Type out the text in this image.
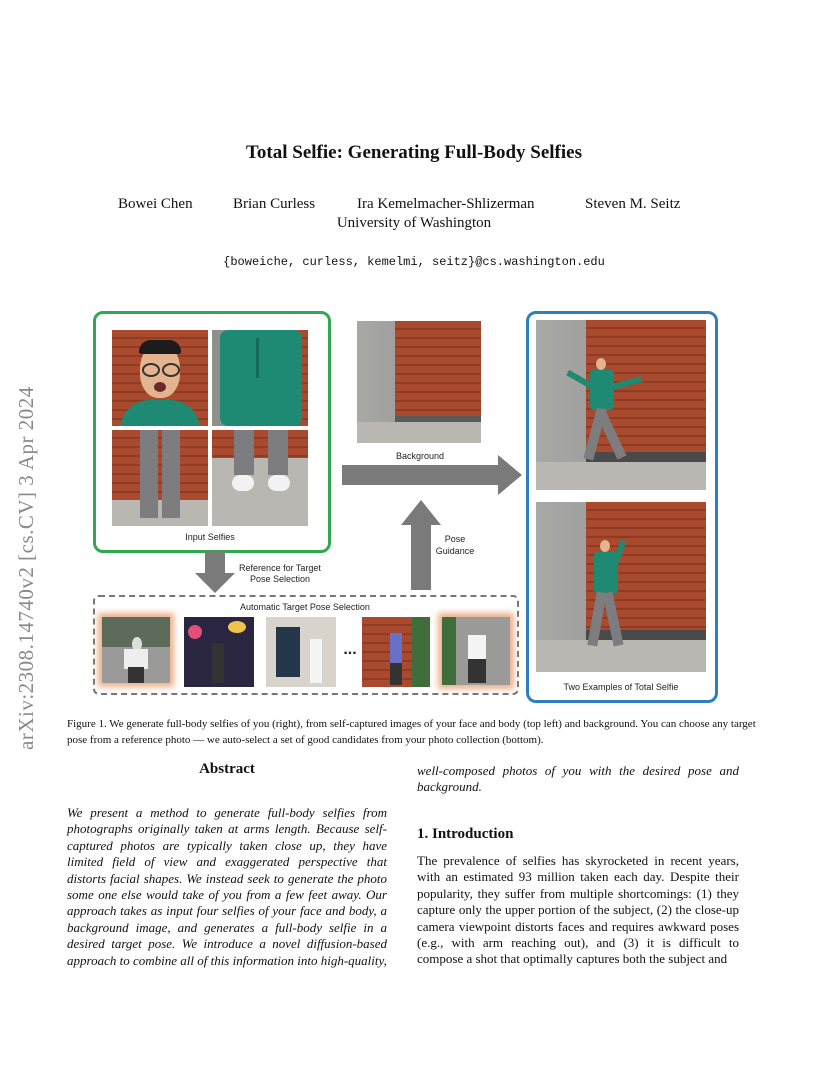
Total Selfie: Generating Full-Body Selfies
Bowei Chen	Brian Curless	Ira Kemelmacher-Shlizerman	Steven M. Seitz
University of Washington
{boweiche, curless, kemelmi, seitz}@cs.washington.edu
arXiv:2308.14740v2 [cs.CV] 3 Apr 2024	Input Selfies
Background
Pose
Guidance
Reference for Target
Pose Selection
Automatic Target Pose Selection
...
Two Examples of Total Selfie
Figure 1. We generate full-body selfies of you (right), from self-captured images of your face and body (top left) and background. You can choose any target pose from a reference photo — we auto-select a set of good candidates from your photo collection (bottom).
Abstract
We present a method to generate full-body selfies from photographs originally taken at arms length. Because self-captured photos are typically taken close up, they have limited field of view and exaggerated perspective that distorts facial shapes. We instead seek to generate the photo some one else would take of you from a few feet away. Our approach takes as input four selfies of your face and body, a background image, and generates a full-body selfie in a desired target pose. We introduce a novel diffusion-based approach to combine all of this information into high-quality,
well-composed photos of you with the desired pose and background.
1. Introduction
The prevalence of selfies has skyrocketed in recent years, with an estimated 93 million taken each day. Despite their popularity, they suffer from multiple shortcomings: (1) they capture only the upper portion of the subject, (2) the close-up camera viewpoint distorts faces and requires awkward poses (e.g., with arm reaching out), and (3) it is difficult to compose a shot that optimally captures both the subject and
